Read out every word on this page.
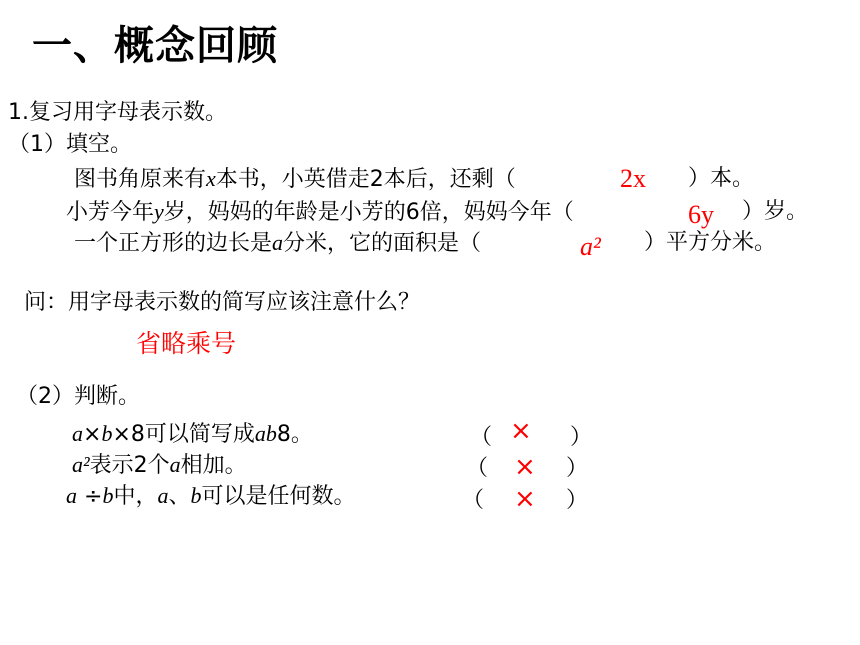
一、概念回顾
1.复习用字母表示数。
（1）填空。
图书角原来有x本书，小英借走2本后，还剩（	2x ）本。
小芳今年y岁，妈妈的年龄是小芳的6倍，妈妈今年（	6y ）岁。
一个正方形的边长是a分米，它的面积是（	a² ）平方分米。
问：用字母表示数的简写应该注意什么？
省略乘号
（2）判断。
a×b×8可以简写成ab8。	（ × ）
a²表示2个a相加。	（ × ）
a ÷b中，a、b可以是任何数。	（ × ）
